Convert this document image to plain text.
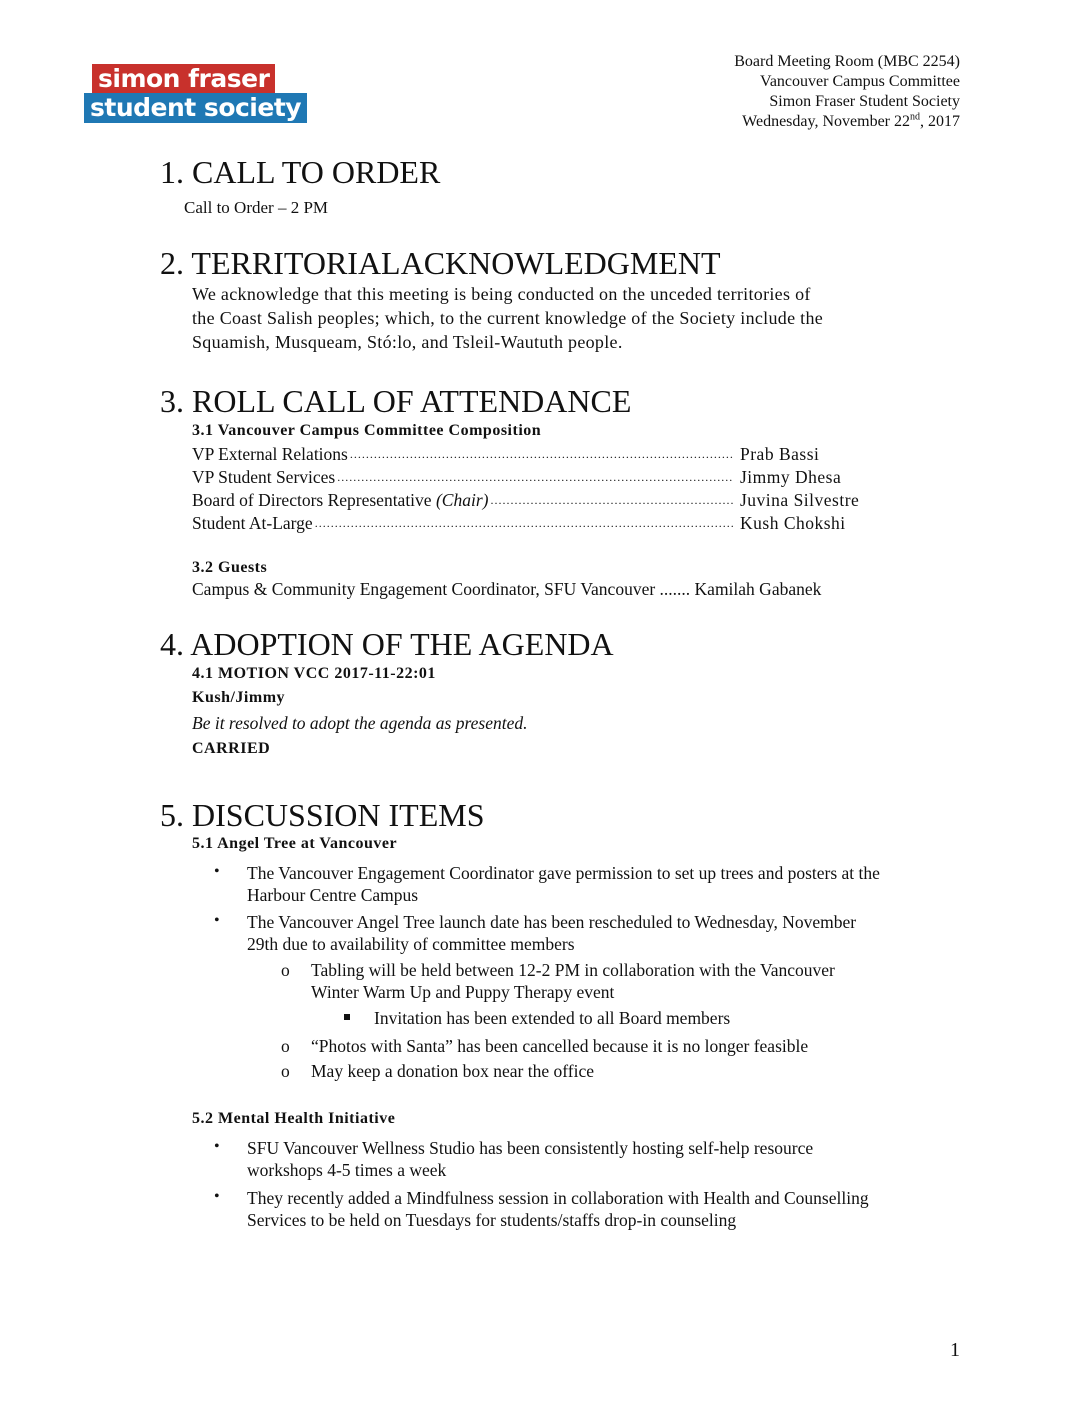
simon fraser
student society
Board Meeting Room (MBC 2254)
Vancouver Campus Committee
Simon Fraser Student Society
Wednesday, November 22nd, 2017
1. CALL TO ORDER
Call to Order – 2 PM
2. TERRITORIALACKNOWLEDGMENT
We acknowledge that this meeting is being conducted on the unceded territories of
the Coast Salish peoples; which, to the current knowledge of the Society include the
Squamish, Musqueam, Stó:lo, and Tsleil-Waututh people.
3. ROLL CALL OF ATTENDANCE
3.1 Vancouver Campus Committee Composition
VP External Relations .....	Prab Bassi
VP Student Services .....	Jimmy Dhesa
Board of Directors Representative (Chair) .....	Juvina Silvestre
Student At-Large .....	Kush Chokshi
3.2 Guests
Campus & Community Engagement Coordinator, SFU Vancouver ....... Kamilah Gabanek
4. ADOPTION OF THE AGENDA
4.1 MOTION VCC 2017-11-22:01
Kush/Jimmy
Be it resolved to adopt the agenda as presented.
CARRIED
5. DISCUSSION ITEMS
5.1 Angel Tree at Vancouver
• The Vancouver Engagement Coordinator gave permission to set up trees and posters at the
Harbour Centre Campus
• The Vancouver Angel Tree launch date has been rescheduled to Wednesday, November
29th due to availability of committee members
o Tabling will be held between 12-2 PM in collaboration with the Vancouver
Winter Warm Up and Puppy Therapy event
Invitation has been extended to all Board members
o “Photos with Santa” has been cancelled because it is no longer feasible
o May keep a donation box near the office
5.2 Mental Health Initiative
• SFU Vancouver Wellness Studio has been consistently hosting self-help resource
workshops 4-5 times a week
• They recently added a Mindfulness session in collaboration with Health and Counselling
Services to be held on Tuesdays for students/staffs drop-in counseling
1
